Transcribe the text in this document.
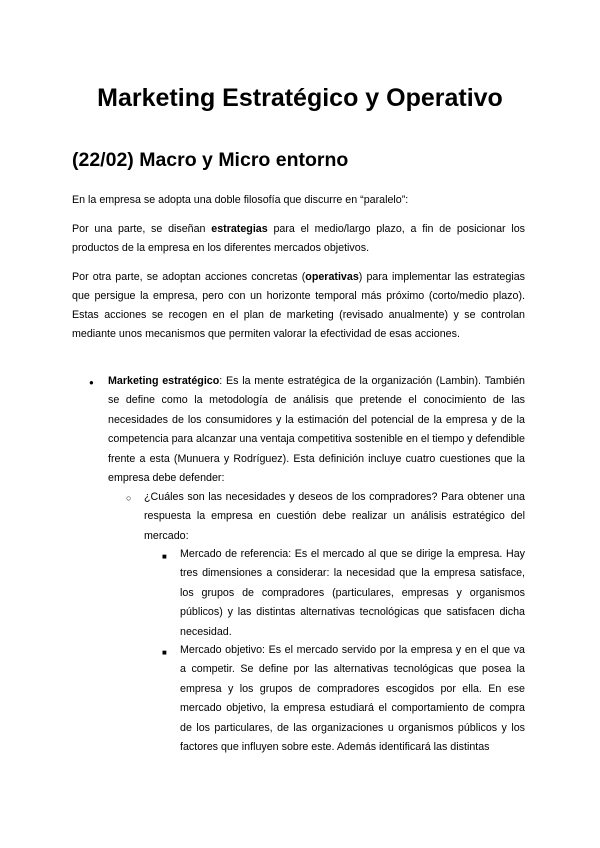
Marketing Estratégico y Operativo
(22/02) Macro y Micro entorno

En la empresa se adopta una doble filosofía que discurre en “paralelo”:

Por una parte, se diseñan estrategias para el medio/largo plazo, a fin de posicionar los productos de la empresa en los diferentes mercados objetivos.

Por otra parte, se adoptan acciones concretas (operativas) para implementar las estrategias que persigue la empresa, pero con un horizonte temporal más próximo (corto/medio plazo). Estas acciones se recogen en el plan de marketing (revisado anualmente) y se controlan mediante unos mecanismos que permiten valorar la efectividad de esas acciones.

● Marketing estratégico: Es la mente estratégica de la organización (Lambin). También se define como la metodología de análisis que pretende el conocimiento de las necesidades de los consumidores y la estimación del potencial de la empresa y de la competencia para alcanzar una ventaja competitiva sostenible en el tiempo y defendible frente a esta (Munuera y Rodríguez). Esta definición incluye cuatro cuestiones que la empresa debe defender:
○ ¿Cuáles son las necesidades y deseos de los compradores? Para obtener una respuesta la empresa en cuestión debe realizar un análisis estratégico del mercado:
■ Mercado de referencia: Es el mercado al que se dirige la empresa. Hay tres dimensiones a considerar: la necesidad que la empresa satisface, los grupos de compradores (particulares, empresas y organismos públicos) y las distintas alternativas tecnológicas que satisfacen dicha necesidad.
■ Mercado objetivo: Es el mercado servido por la empresa y en el que va a competir. Se define por las alternativas tecnológicas que posea la empresa y los grupos de compradores escogidos por ella. En ese mercado objetivo, la empresa estudiará el comportamiento de compra de los particulares, de las organizaciones u organismos públicos y los factores que influyen sobre este. Además identificará las distintas
